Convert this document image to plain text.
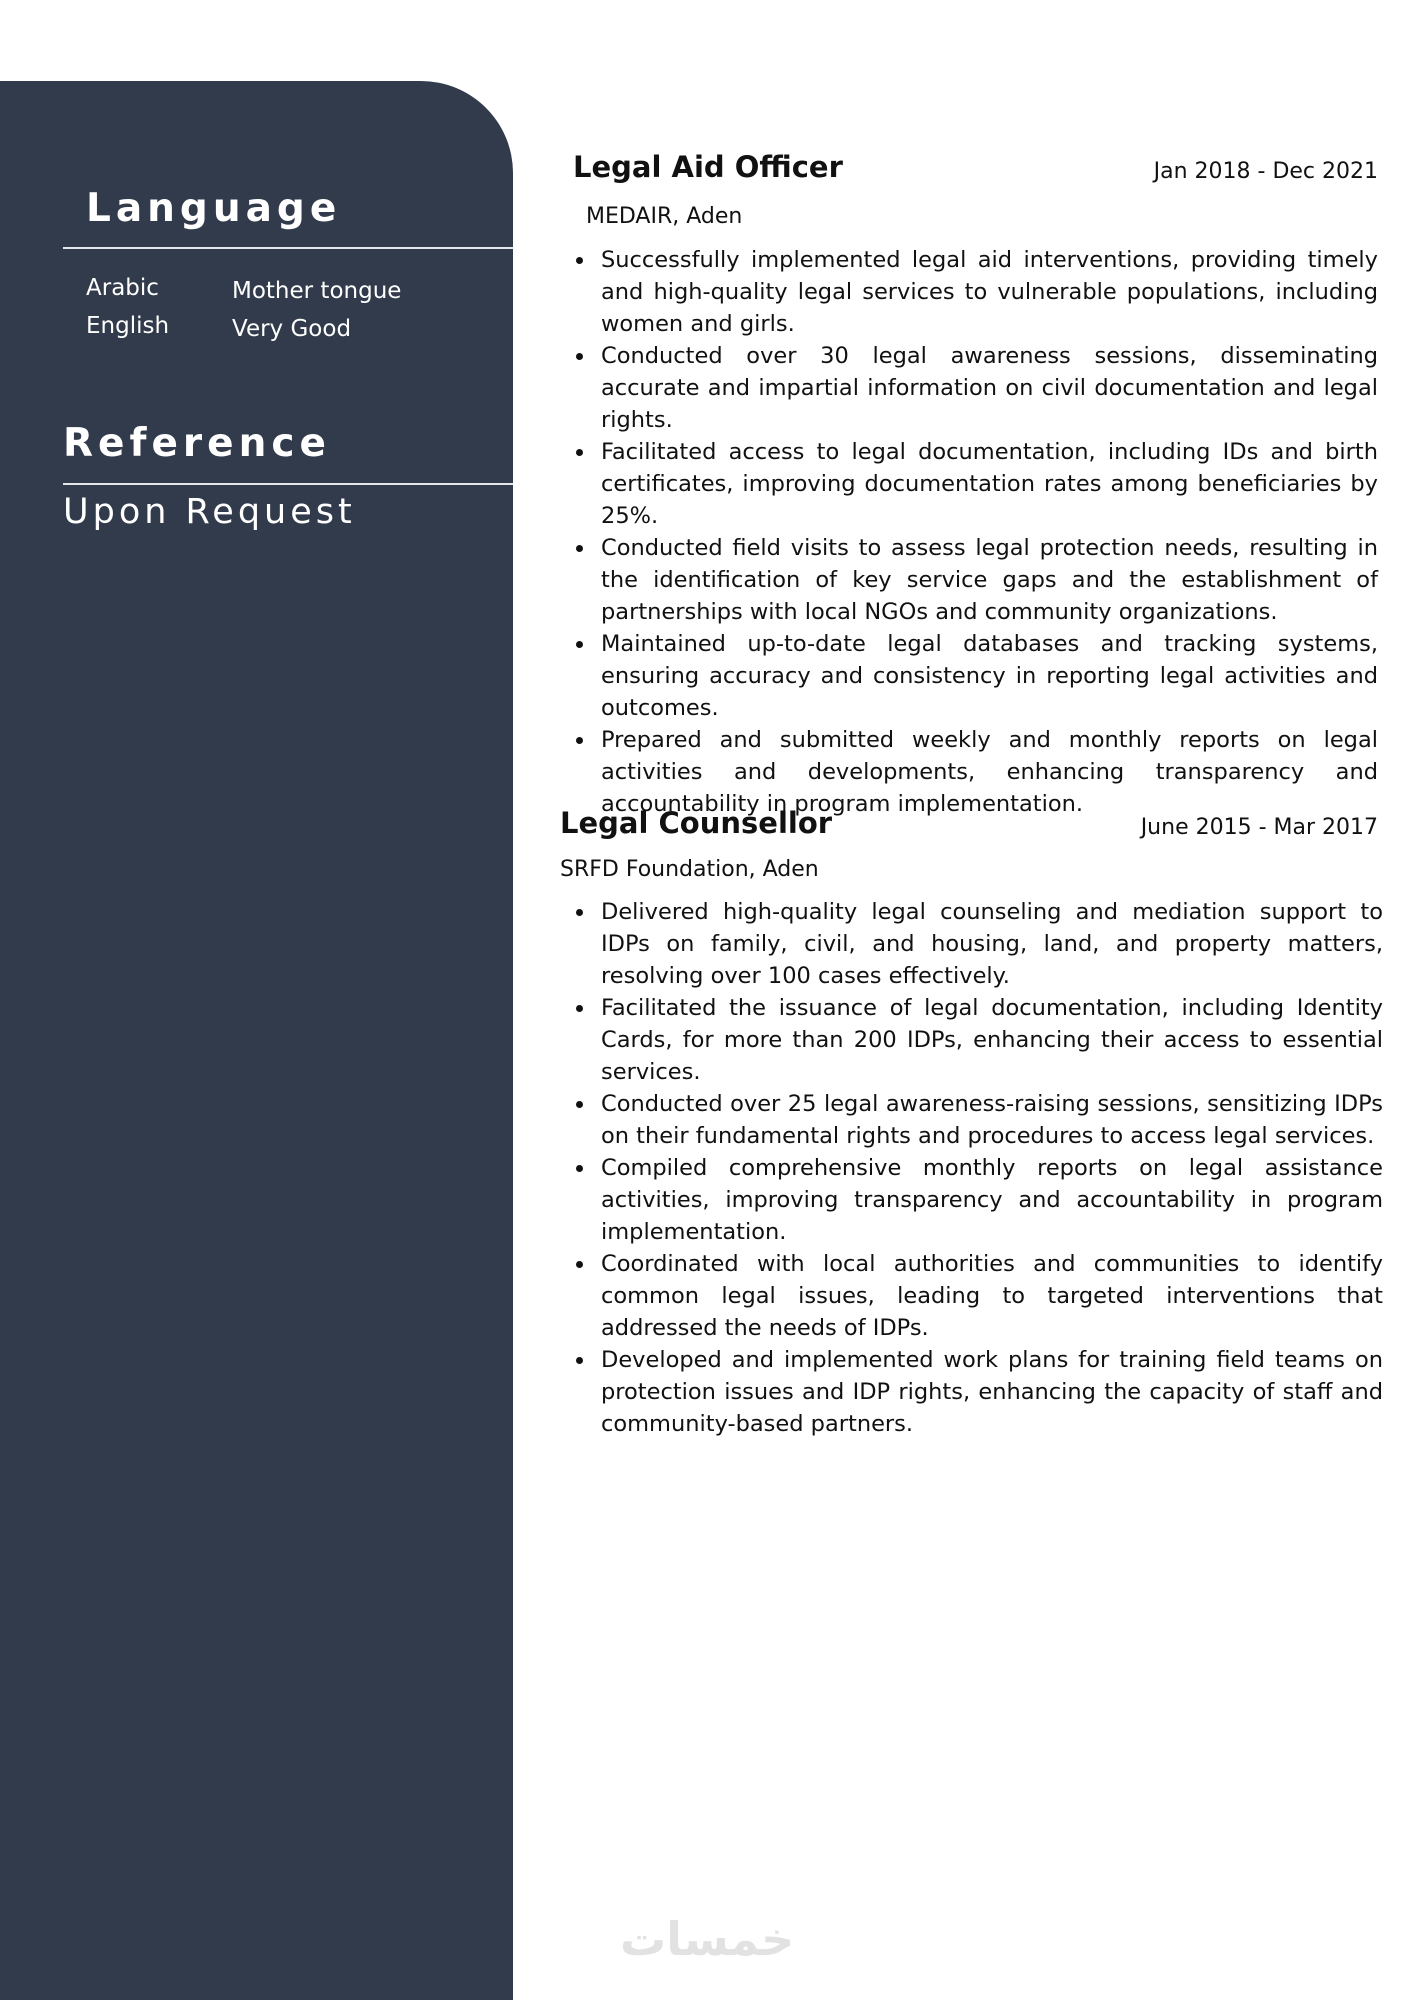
Language
Arabic	Mother tongue
English	Very Good
Reference

Upon Request

Legal Aid Officer	Jan 2018 - Dec 2021
MEDAIR, Aden
Successfully implemented legal aid interventions, providing timely and high-quality legal services to vulnerable populations, including women and girls.
Conducted over 30 legal awareness sessions, disseminating accurate and impartial information on civil documentation and legal rights.
Facilitated access to legal documentation, including IDs and birth certificates, improving documentation rates among beneficiaries by 25%.
Conducted field visits to assess legal protection needs, resulting in the identification of key service gaps and the establishment of partnerships with local NGOs and community organizations.
Maintained up-to-date legal databases and tracking systems, ensuring accuracy and consistency in reporting legal activities and outcomes.
Prepared and submitted weekly and monthly reports on legal activities and developments, enhancing transparency and accountability in program implementation.
Legal Counsellor	June 2015 - Mar 2017
SRFD Foundation, Aden
Delivered high-quality legal counseling and mediation support to IDPs on family, civil, and housing, land, and property matters, resolving over 100 cases effectively.
Facilitated the issuance of legal documentation, including Identity Cards, for more than 200 IDPs, enhancing their access to essential services.
Conducted over 25 legal awareness-raising sessions, sensitizing IDPs on their fundamental rights and procedures to access legal services.
Compiled comprehensive monthly reports on legal assistance activities, improving transparency and accountability in program implementation.
Coordinated with local authorities and communities to identify common legal issues, leading to targeted interventions that addressed the needs of IDPs.
Developed and implemented work plans for training field teams on protection issues and IDP rights, enhancing the capacity of staff and community-based partners.
خمسات
